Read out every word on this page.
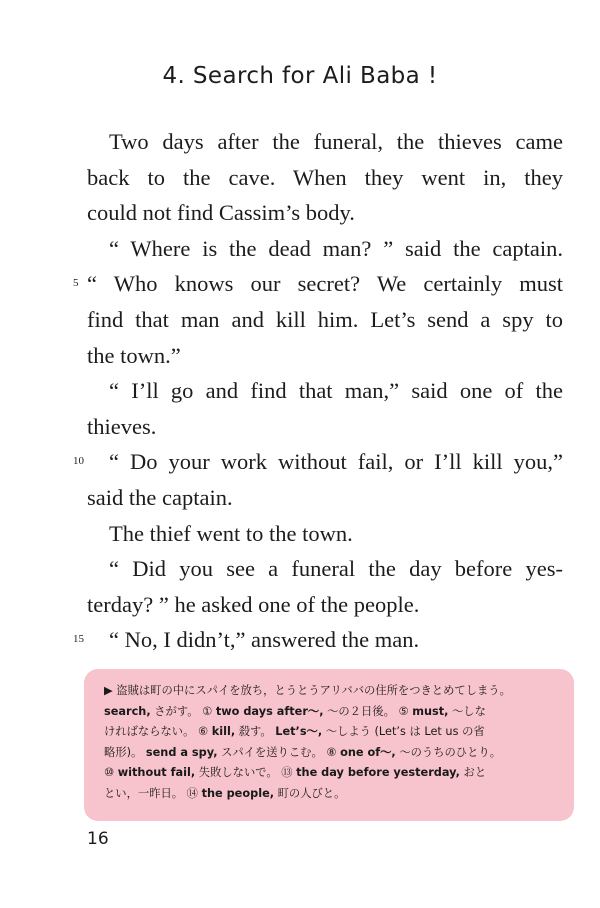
4. Search for Ali Baba !
Two days after the funeral, the thieves came
back to the cave. When they went in, they
could not find Cassim’s body.
“ Where is the dead man? ” said the captain.
“ Who knows our secret? We certainly must
5
find that man and kill him. Let’s send a spy to
the town.”
“ I’ll go and find that man,” said one of the
thieves.
“ Do your work without fail, or I’ll kill you,”
10
said the captain.
The thief went to the town.
“ Did you see a funeral the day before yes-
terday? ” he asked one of the people.
“ No, I didn’t,” answered the man.
15
▶ 盗賊は町の中にスパイを放ち，とうとうアリババの住所をつきとめてしまう。
search, さがす。 ① two days after～, ～の２日後。 ⑤ must, ～しな
ければならない。 ⑥ kill, 殺す。 Let’s～, ～しよう (Let’s は Let us の省
略形)。 send a spy, スパイを送りこむ。 ⑧ one of～, ～のうちのひとり。
⑩ without fail, 失敗しないで。 ⑬ the day before yesterday, おと
とい，一昨日。 ⑭ the people, 町の人びと。
16
